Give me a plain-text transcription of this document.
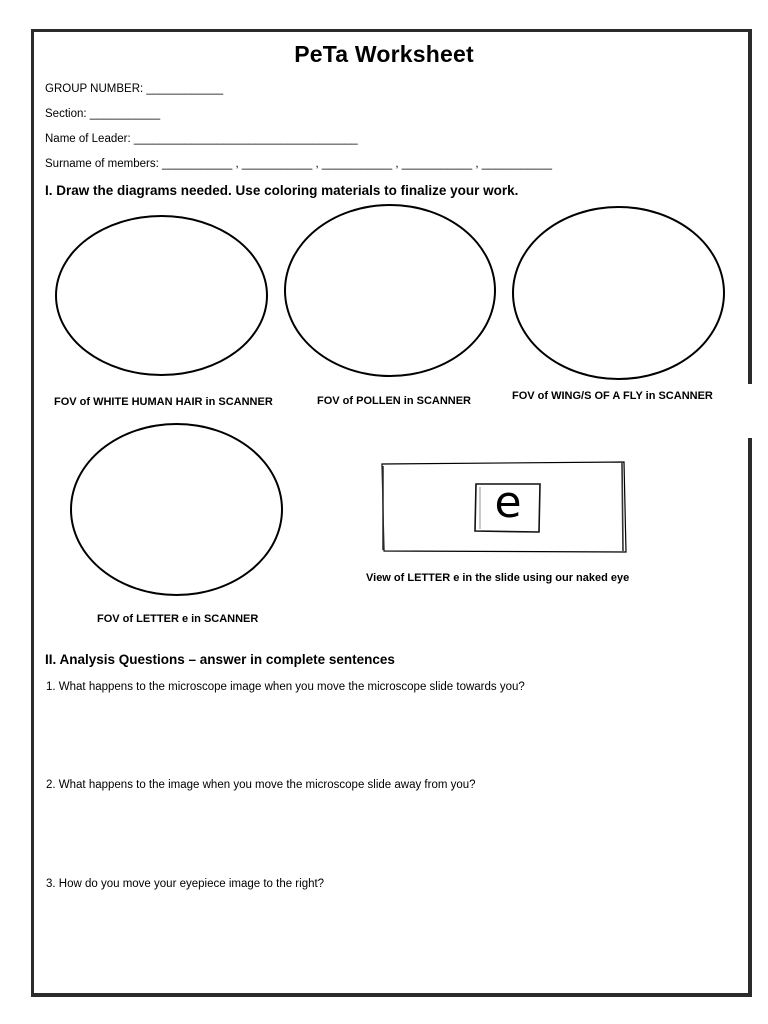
PeTa Worksheet
GROUP NUMBER: ____________
Section: ___________
Name of Leader: ___________________________________
Surname of members: ___________ , ___________ , ___________ , ___________ , ___________
I. Draw the diagrams needed. Use coloring materials to finalize your work.
FOV of WHITE HUMAN HAIR in SCANNER	FOV of POLLEN in SCANNER	FOV of WING/S OF A FLY in SCANNER
FOV of LETTER e in SCANNER
e
View of LETTER e in the slide using our naked eye
II. Analysis Questions – answer in complete sentences
1. What happens to the microscope image when you move the microscope slide towards you?
2. What happens to the image when you move the microscope slide away from you?
3. How do you move your eyepiece image to the right?
